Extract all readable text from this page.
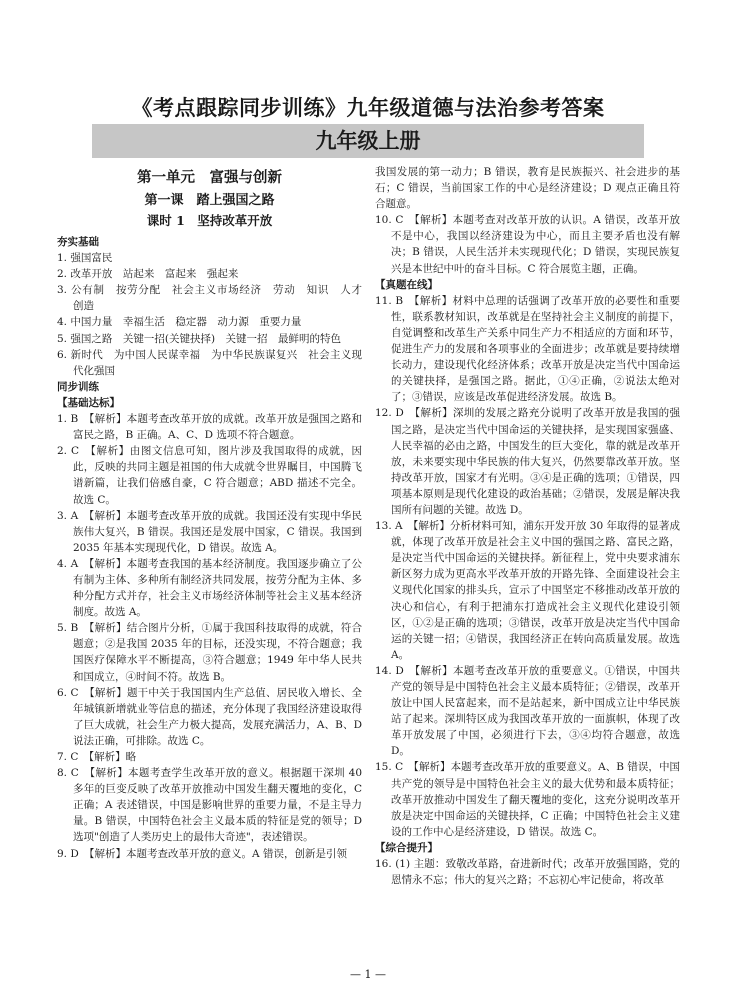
《考点跟踪同步训练》九年级道德与法治参考答案
九年级上册
第一单元　富强与创新
第一课　踏上强国之路
课时 1　坚持改革开放
夯实基础
1. 强国富民
2. 改革开放　站起来　富起来　强起来
3. 公有制　按劳分配　社会主义市场经济　劳动　知识　人才　创造
4. 中国力量　幸福生活　稳定器　动力源　重要力量
5. 强国之路　关键一招(关键抉择)　关键一招　最鲜明的特色
6. 新时代　为中国人民谋幸福　为中华民族谋复兴　社会主义现代化强国
同步训练
【基础达标】
1. B　【解析】本题考查改革开放的成就。改革开放是强国之路和富民之路，B 正确。A、C、D 选项不符合题意。
2. C　【解析】由图文信息可知，图片涉及我国取得的成就，因此，反映的共同主题是祖国的伟大成就令世界瞩目，中国腾飞谱新篇，让我们倍感自豪，C 符合题意；ABD 描述不完全。故选 C。
3. A　【解析】本题考查改革开放的成就。我国还没有实现中华民族伟大复兴，B 错误。我国还是发展中国家，C 错误。我国到 2035 年基本实现现代化，D 错误。故选 A。
4. A　【解析】本题考查我国的基本经济制度。我国逐步确立了公有制为主体、多种所有制经济共同发展，按劳分配为主体、多种分配方式并存，社会主义市场经济体制等社会主义基本经济制度。故选 A。
5. B　【解析】结合图片分析，①属于我国科技取得的成就，符合题意；②是我国 2035 年的目标，还没实现，不符合题意；我国医疗保障水平不断提高，③符合题意；1949 年中华人民共和国成立，④时间不符。故选 B。
6. C　【解析】题干中关于我国国内生产总值、居民收入增长、全年城镇新增就业等信息的描述，充分体现了我国经济建设取得了巨大成就，社会生产力极大提高，发展充满活力，A、B、D 说法正确，可排除。故选 C。
7. C　【解析】略
8. C　【解析】本题考查学生改革开放的意义。根据题干深圳 40 多年的巨变反映了改革开放推动中国发生翻天覆地的变化，C 正确；A 表述错误，中国是影响世界的重要力量，不是主导力量。B 错误，中国特色社会主义最本质的特征是党的领导；D 选项"创造了人类历史上的最伟大奇迹"，表述错误。
9. D　【解析】本题考查改革开放的意义。A 错误，创新是引领
我国发展的第一动力；B 错误，教育是民族振兴、社会进步的基石；C 错误，当前国家工作的中心是经济建设；D 观点正确且符合题意。
10. C　【解析】本题考查对改革开放的认识。A 错误，改革开放不是中心，我国以经济建设为中心，而且主要矛盾也没有解决；B 错误，人民生活并未实现现代化；D 错误，实现民族复兴是本世纪中叶的奋斗目标。C 符合展览主题，正确。
【真题在线】
11. B　【解析】材料中总理的话强调了改革开放的必要性和重要性，联系教材知识，改革就是在坚持社会主义制度的前提下，自觉调整和改革生产关系中同生产力不相适应的方面和环节，促进生产力的发展和各项事业的全面进步；改革就是要持续增长动力，建设现代化经济体系；改革开放是决定当代中国命运的关键抉择，是强国之路。据此，①④正确，②说法太绝对了；③错误，应该是改革促进经济发展。故选 B。
12. D　【解析】深圳的发展之路充分说明了改革开放是我国的强国之路，是决定当代中国命运的关键抉择，是实现国家强盛、人民幸福的必由之路，中国发生的巨大变化，靠的就是改革开放，未来要实现中华民族的伟大复兴，仍然要靠改革开放。坚持改革开放，国家才有光明。③④是正确的选项；①错误，四项基本原则是现代化建设的政治基础；②错误，发展是解决我国所有问题的关键。故选 D。
13. A　【解析】分析材料可知，浦东开发开放 30 年取得的显著成就，体现了改革开放是社会主义中国的强国之路、富民之路，是决定当代中国命运的关键抉择。新征程上，党中央要求浦东新区努力成为更高水平改革开放的开路先锋、全面建设社会主义现代化国家的排头兵，宣示了中国坚定不移推动改革开放的决心和信心，有利于把浦东打造成社会主义现代化建设引领区，①②是正确的选项；③错误，改革开放是决定当代中国命运的关键一招；④错误，我国经济正在转向高质量发展。故选 A。
14. D　【解析】本题考查改革开放的重要意义。①错误，中国共产党的领导是中国特色社会主义最本质特征；②错误，改革开放让中国人民富起来，而不是站起来，新中国成立让中华民族站了起来。深圳特区成为我国改革开放的一面旗帜，体现了改革开放发展了中国，必须进行下去，③④均符合题意，故选 D。
15. C　【解析】本题考查改革开放的重要意义。A、B 错误，中国共产党的领导是中国特色社会主义的最大优势和最本质特征；改革开放推动中国发生了翻天覆地的变化，这充分说明改革开放是决定中国命运的关键抉择，C 正确；中国特色社会主义建设的工作中心是经济建设，D 错误。故选 C。
【综合提升】
16. (1) 主题：致敬改革路，奋进新时代；改革开放强国路，党的恩情永不忘；伟大的复兴之路；不忘初心牢记使命，将改革
— 1 —
